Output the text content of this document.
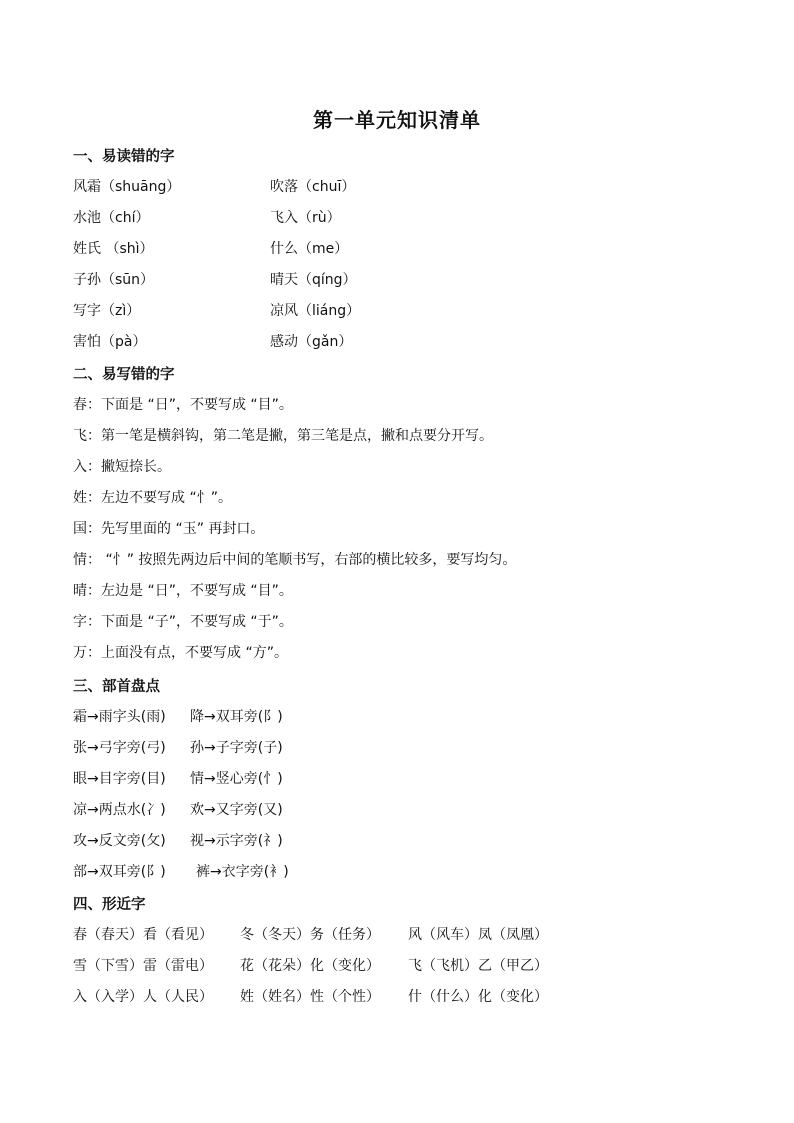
第一单元知识清单
一、易读错的字
风霜（shuāng）	吹落（chuī）
水池（chí）	飞入（rù）
姓氏 （shì）	什么（me）
子孙（sūn）	晴天（qíng）
写字（zì）	凉风（liáng）
害怕（pà）	感动（gǎn）
二、易写错的字
春：下面是 “日”，不要写成 “目”。
飞：第一笔是横斜钩，第二笔是撇，第三笔是点，撇和点要分开写。
入：撇短捺长。
姓：左边不要写成 “忄”。
国：先写里面的 “玉” 再封口。
情： “忄” 按照先两边后中间的笔顺书写，右部的横比较多，要写均匀。
晴：左边是 “日”，不要写成 “目”。
字：下面是 “子”，不要写成 “于”。
万：上面没有点，不要写成 “方”。
三、部首盘点
霜→雨字头(雨) 降→双耳旁(阝)
张→弓字旁(弓) 孙→子字旁(子)
眼→目字旁(目) 情→竖心旁(忄)
凉→两点水(冫) 欢→又字旁(又)
攻→反文旁(攵) 视→示字旁(礻)
部→双耳旁(阝) 裤→衣字旁(衤)
四、形近字
春（春天）看（看见） 冬（冬天）务（任务） 风（风车）凤（凤凰）
雪（下雪）雷（雷电） 花（花朵）化（变化） 飞（飞机）乙（甲乙）
入（入学）人（人民） 姓（姓名）性（个性） 什（什么）化（变化）
